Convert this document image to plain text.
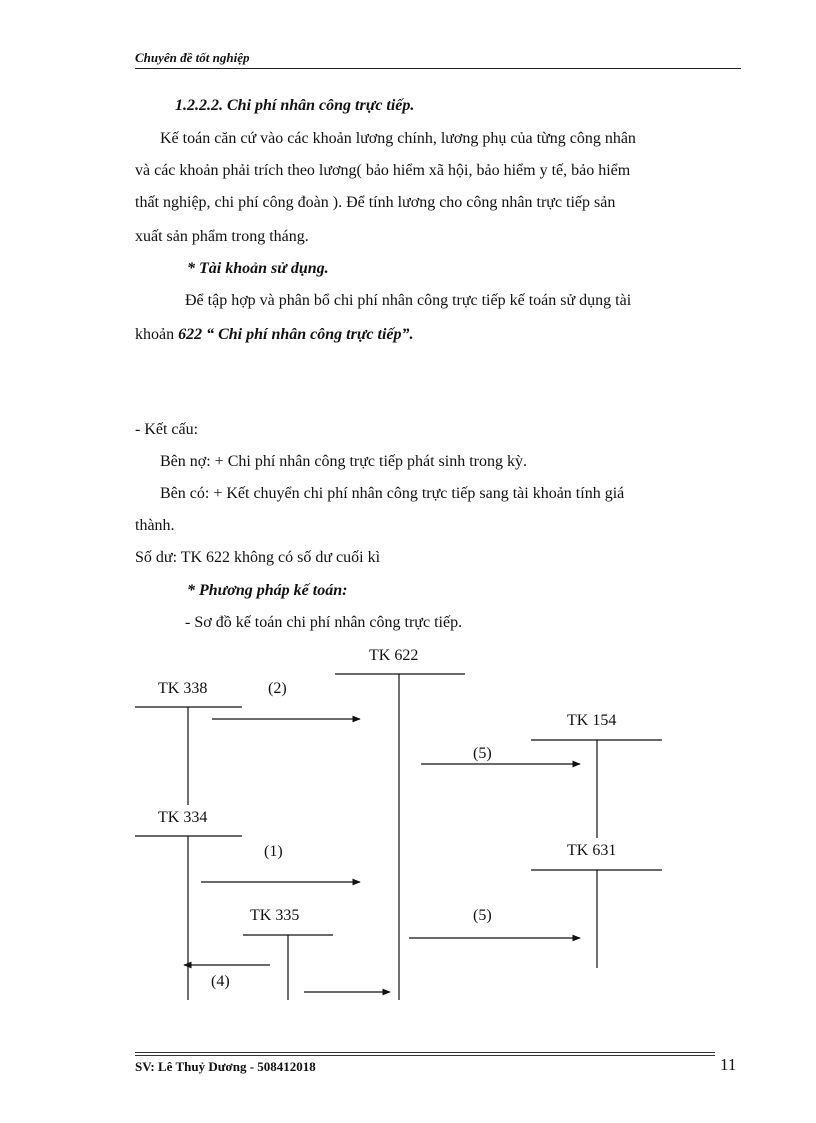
Chuyên đề tốt nghiệp
1.2.2.2. Chi phí nhân công trực tiếp.
Kế toán căn cứ vào các khoản lương chính, lương phụ của từng công nhân
và các khoản phải trích theo lương( bảo hiểm xã hội, bảo hiểm y tế, bảo hiểm
thất nghiệp, chi phí công đoàn ). Để tính lương cho công nhân trực tiếp sản
xuất sản phẩm trong tháng.
* Tài khoản sử dụng.
Để tập hợp và phân bổ chi phí nhân công trực tiếp kế toán sử dụng tài
khoản 622 “ Chi phí nhân công trực tiếp”.
- Kết cấu:
Bên nợ: + Chi phí nhân công trực tiếp phát sinh trong kỳ.
Bên có: + Kết chuyển chi phí nhân công trực tiếp sang tài khoản tính giá
thành.
Số dư: TK 622 không có số dư cuối kì
* Phương pháp kế toán:
- Sơ đồ kế toán chi phí nhân công trực tiếp.
TK 622
TK 338	(2)
TK 154
(5)
TK 334
(1)	TK 631
TK 335	(5)
(4)
SV: Lê Thuỷ Dương - 508412018	11
